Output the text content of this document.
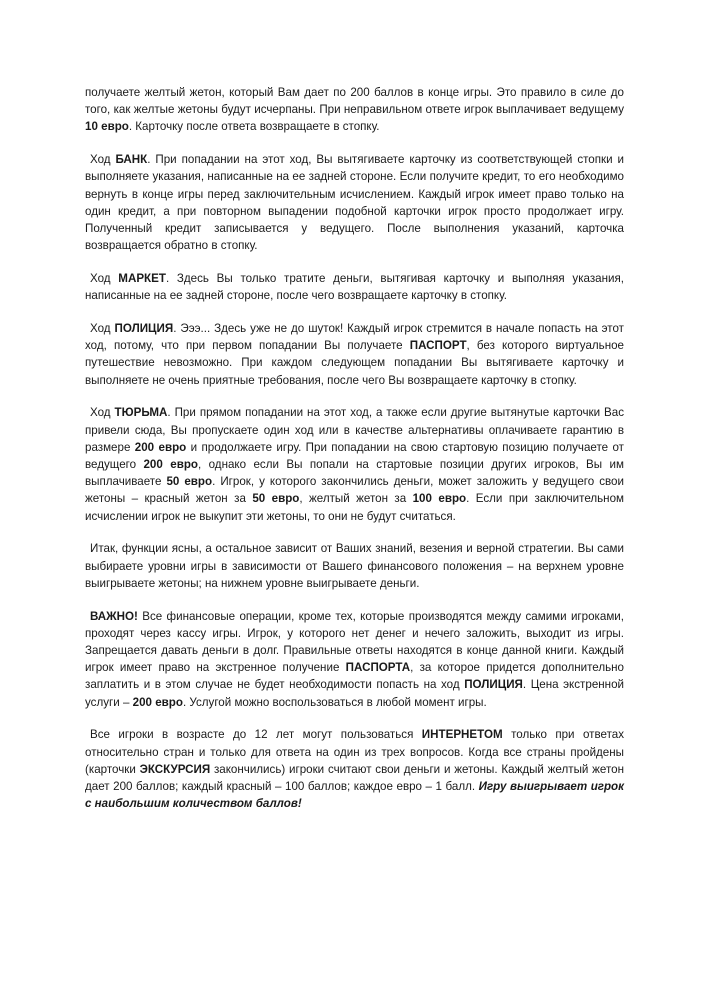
получаете желтый жетон, который Вам дает по 200 баллов в конце игры. Это правило в силе до того, как желтые жетоны будут исчерпаны. При неправильном ответе игрок выплачивает ведущему 10 евро. Карточку после ответа возвращаете в стопку.

Ход БАНК. При попадании на этот ход, Вы вытягиваете карточку из соответствующей стопки и выполняете указания, написанные на ее задней стороне. Если получите кредит, то его необходимо вернуть в конце игры перед заключительным исчислением. Каждый игрок имеет право только на один кредит, а при повторном выпадении подобной карточки игрок просто продолжает игру. Полученный кредит записывается у ведущего. После выполнения указаний, карточка возвращается обратно в стопку.

Ход МАРКЕТ. Здесь Вы только тратите деньги, вытягивая карточку и выполняя указания, написанные на ее задней стороне, после чего возвращаете карточку в стопку.

Ход ПОЛИЦИЯ. Эээ... Здесь уже не до шуток! Каждый игрок стремится в начале попасть на этот ход, потому, что при первом попадании Вы получаете ПАСПОРТ, без которого виртуальное путешествие невозможно. При каждом следующем попадании Вы вытягиваете карточку и выполняете не очень приятные требования, после чего Вы возвращаете карточку в стопку.

Ход ТЮРЬМА. При прямом попадании на этот ход, а также если другие вытянутые карточки Вас привели сюда, Вы пропускаете один ход или в качестве альтернативы оплачиваете гарантию в размере 200 евро и продолжаете игру. При попадании на свою стартовую позицию получаете от ведущего 200 евро, однако если Вы попали на стартовые позиции других игроков, Вы им выплачиваете 50 евро. Игрок, у которого закончились деньги, может заложить у ведущего свои жетоны – красный жетон за 50 евро, желтый жетон за 100 евро. Если при заключительном исчислении игрок не выкупит эти жетоны, то они не будут считаться.

Итак, функции ясны, а остальное зависит от Ваших знаний, везения и верной стратегии. Вы сами выбираете уровни игры в зависимости от Вашего финансового положения – на верхнем уровне выигрываете жетоны; на нижнем уровне выигрываете деньги.

ВАЖНО! Все финансовые операции, кроме тех, которые производятся между самими игроками, проходят через кассу игры. Игрок, у которого нет денег и нечего заложить, выходит из игры. Запрещается давать деньги в долг. Правильные ответы находятся в конце данной книги. Каждый игрок имеет право на экстренное получение ПАСПОРТА, за которое придется дополнительно заплатить и в этом случае не будет необходимости попасть на ход ПОЛИЦИЯ. Цена экстренной услуги – 200 евро. Услугой можно воспользоваться в любой момент игры.

Все игроки в возрасте до 12 лет могут пользоваться ИНТЕРНЕТОМ только при ответах относительно стран и только для ответа на один из трех вопросов. Когда все страны пройдены (карточки ЭКСКУРСИЯ закончились) игроки считают свои деньги и жетоны. Каждый желтый жетон дает 200 баллов; каждый красный – 100 баллов; каждое евро – 1 балл. Игру выигрывает игрок с наибольшим количеством баллов!
